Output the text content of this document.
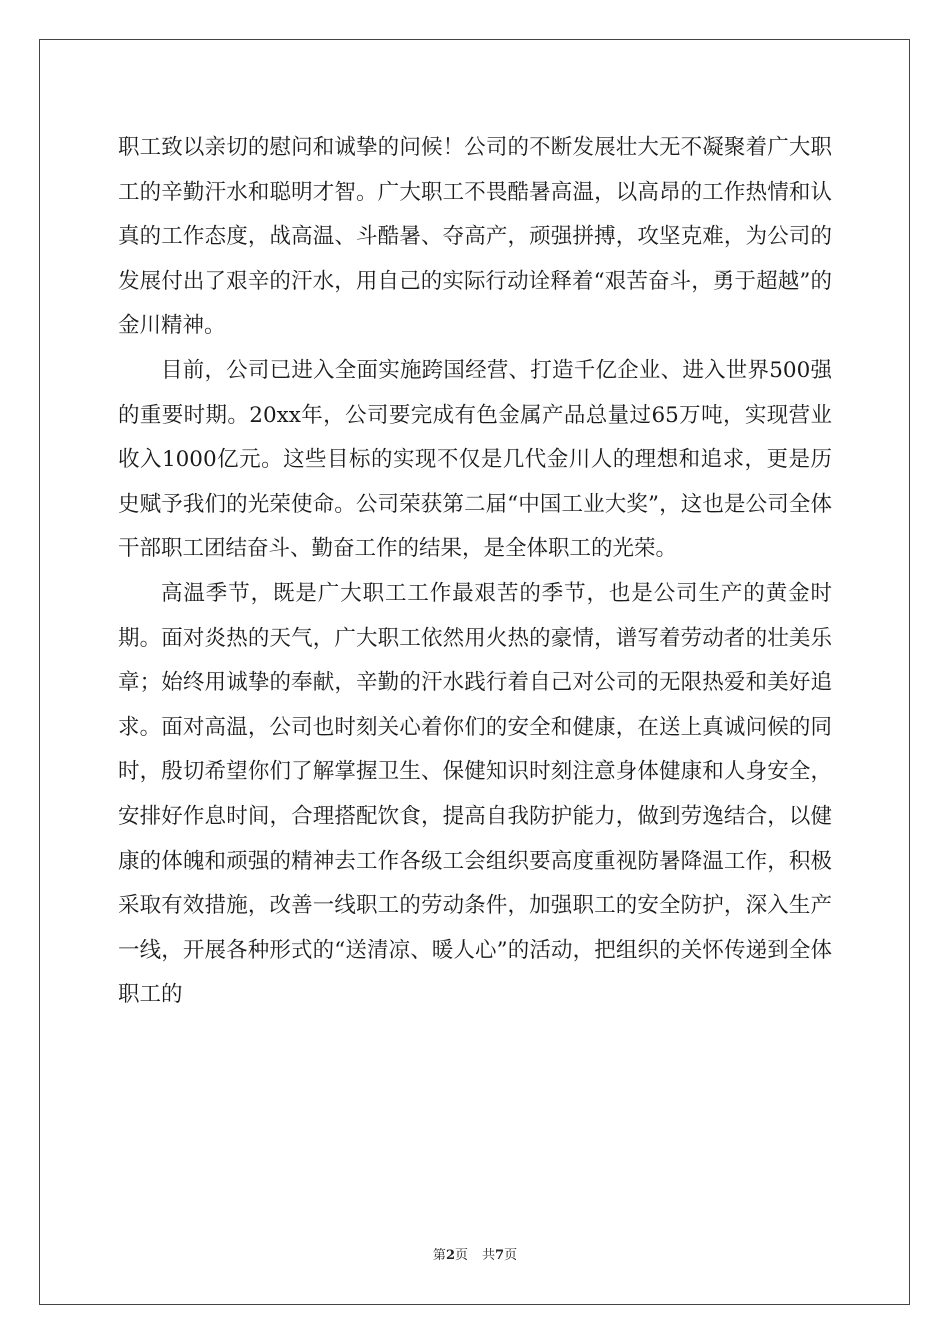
职工致以亲切的慰问和诚挚的问候！公司的不断发展壮大无不凝聚着广大职工的辛勤汗水和聪明才智。广大职工不畏酷暑高温，以高昂的工作热情和认真的工作态度，战高温、斗酷暑、夺高产，顽强拼搏，攻坚克难，为公司的发展付出了艰辛的汗水，用自己的实际行动诠释着“艰苦奋斗，勇于超越”的金川精神。

目前，公司已进入全面实施跨国经营、打造千亿企业、进入世界500强的重要时期。20xx年，公司要完成有色金属产品总量过65万吨，实现营业收入1000亿元。这些目标的实现不仅是几代金川人的理想和追求，更是历史赋予我们的光荣使命。公司荣获第二届“中国工业大奖”，这也是公司全体干部职工团结奋斗、勤奋工作的结果，是全体职工的光荣。

高温季节，既是广大职工工作最艰苦的季节，也是公司生产的黄金时期。面对炎热的天气，广大职工依然用火热的豪情，谱写着劳动者的壮美乐章；始终用诚挚的奉献，辛勤的汗水践行着自己对公司的无限热爱和美好追求。面对高温，公司也时刻关心着你们的安全和健康，在送上真诚问候的同时，殷切希望你们了解掌握卫生、保健知识时刻注意身体健康和人身安全，安排好作息时间，合理搭配饮食，提高自我防护能力，做到劳逸结合，以健康的体魄和顽强的精神去工作各级工会组织要高度重视防暑降温工作，积极采取有效措施，改善一线职工的劳动条件，加强职工的安全防护，深入生产一线，开展各种形式的“送清凉、暖人心”的活动，把组织的关怀传递到全体职工的

第2页 共7页
